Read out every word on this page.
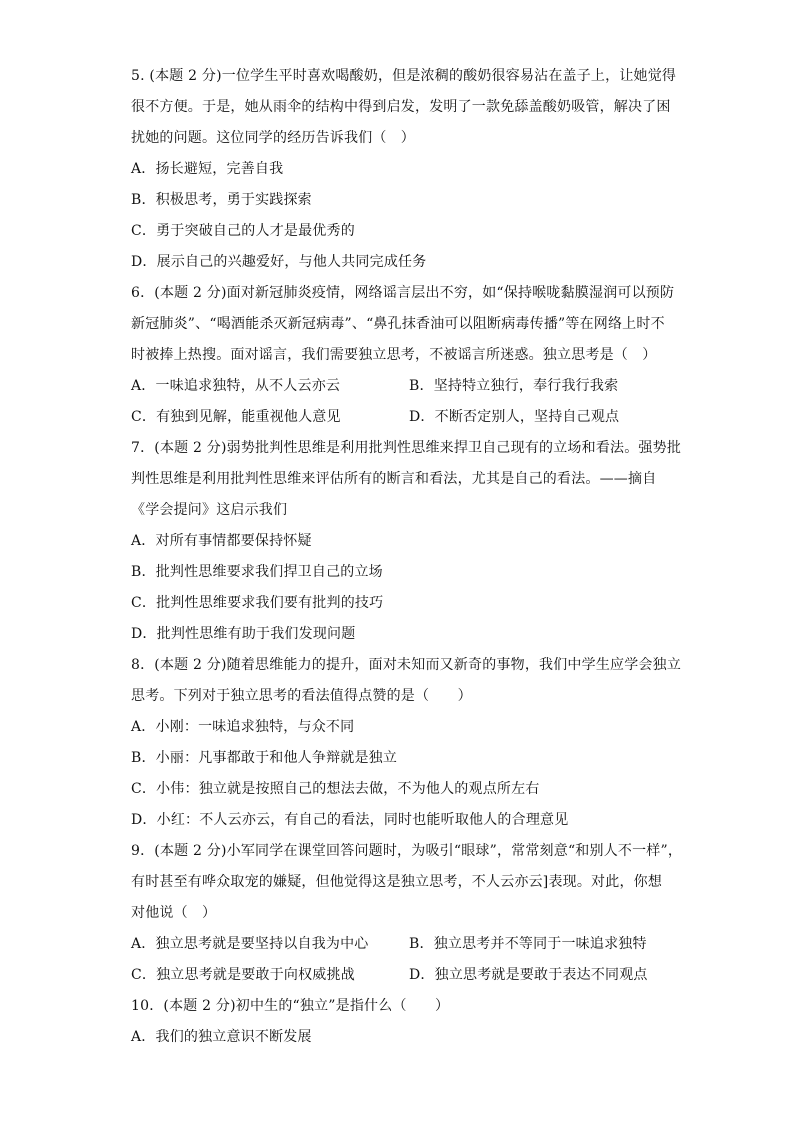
5. (本题 2 分)一位学生平时喜欢喝酸奶，但是浓稠的酸奶很容易沾在盖子上，让她觉得
很不方便。于是，她从雨伞的结构中得到启发，发明了一款免舔盖酸奶吸管，解决了困
扰她的问题。这位同学的经历告诉我们（　）
A．扬长避短，完善自我
B．积极思考，勇于实践探索
C．勇于突破自己的人才是最优秀的
D．展示自己的兴趣爱好，与他人共同完成任务
6．(本题 2 分)面对新冠肺炎疫情，网络谣言层出不穷，如“保持喉咙黏膜湿润可以预防
新冠肺炎”、“喝酒能杀灭新冠病毒”、“鼻孔抹香油可以阻断病毒传播”等在网络上时不
时被捧上热搜。面对谣言，我们需要独立思考，不被谣言所迷惑。独立思考是（　）
A．一味追求独特，从不人云亦云	B．坚持特立独行，奉行我行我索
C．有独到见解，能重视他人意见	D．不断否定别人，坚持自己观点
7．(本题 2 分)弱势批判性思维是利用批判性思维来捍卫自己现有的立场和看法。强势批
判性思维是利用批判性思维来评估所有的断言和看法，尤其是自己的看法。——摘自
《学会提问》这启示我们
A．对所有事情都要保持怀疑
B．批判性思维要求我们捍卫自己的立场
C．批判性思维要求我们要有批判的技巧
D．批判性思维有助于我们发现问题
8．(本题 2 分)随着思维能力的提升，面对未知而又新奇的事物，我们中学生应学会独立
思考。下列对于独立思考的看法值得点赞的是（　　）
A．小刚：一味追求独特，与众不同
B．小丽：凡事都敢于和他人争辩就是独立
C．小伟：独立就是按照自己的想法去做，不为他人的观点所左右
D．小红：不人云亦云，有自己的看法，同时也能听取他人的合理意见
9．(本题 2 分)小军同学在课堂回答问题时，为吸引“眼球”，常常刻意“和别人不一样”，
有时甚至有哗众取宠的嫌疑，但他觉得这是独立思考，不人云亦云]表现。对此，你想
对他说（　）
A．独立思考就是要坚持以自我为中心	B．独立思考并不等同于一味追求独特
C．独立思考就是要敢于向权威挑战	D．独立思考就是要敢于表达不同观点
10．(本题 2 分)初中生的“独立”是指什么（　　）
A．我们的独立意识不断发展
